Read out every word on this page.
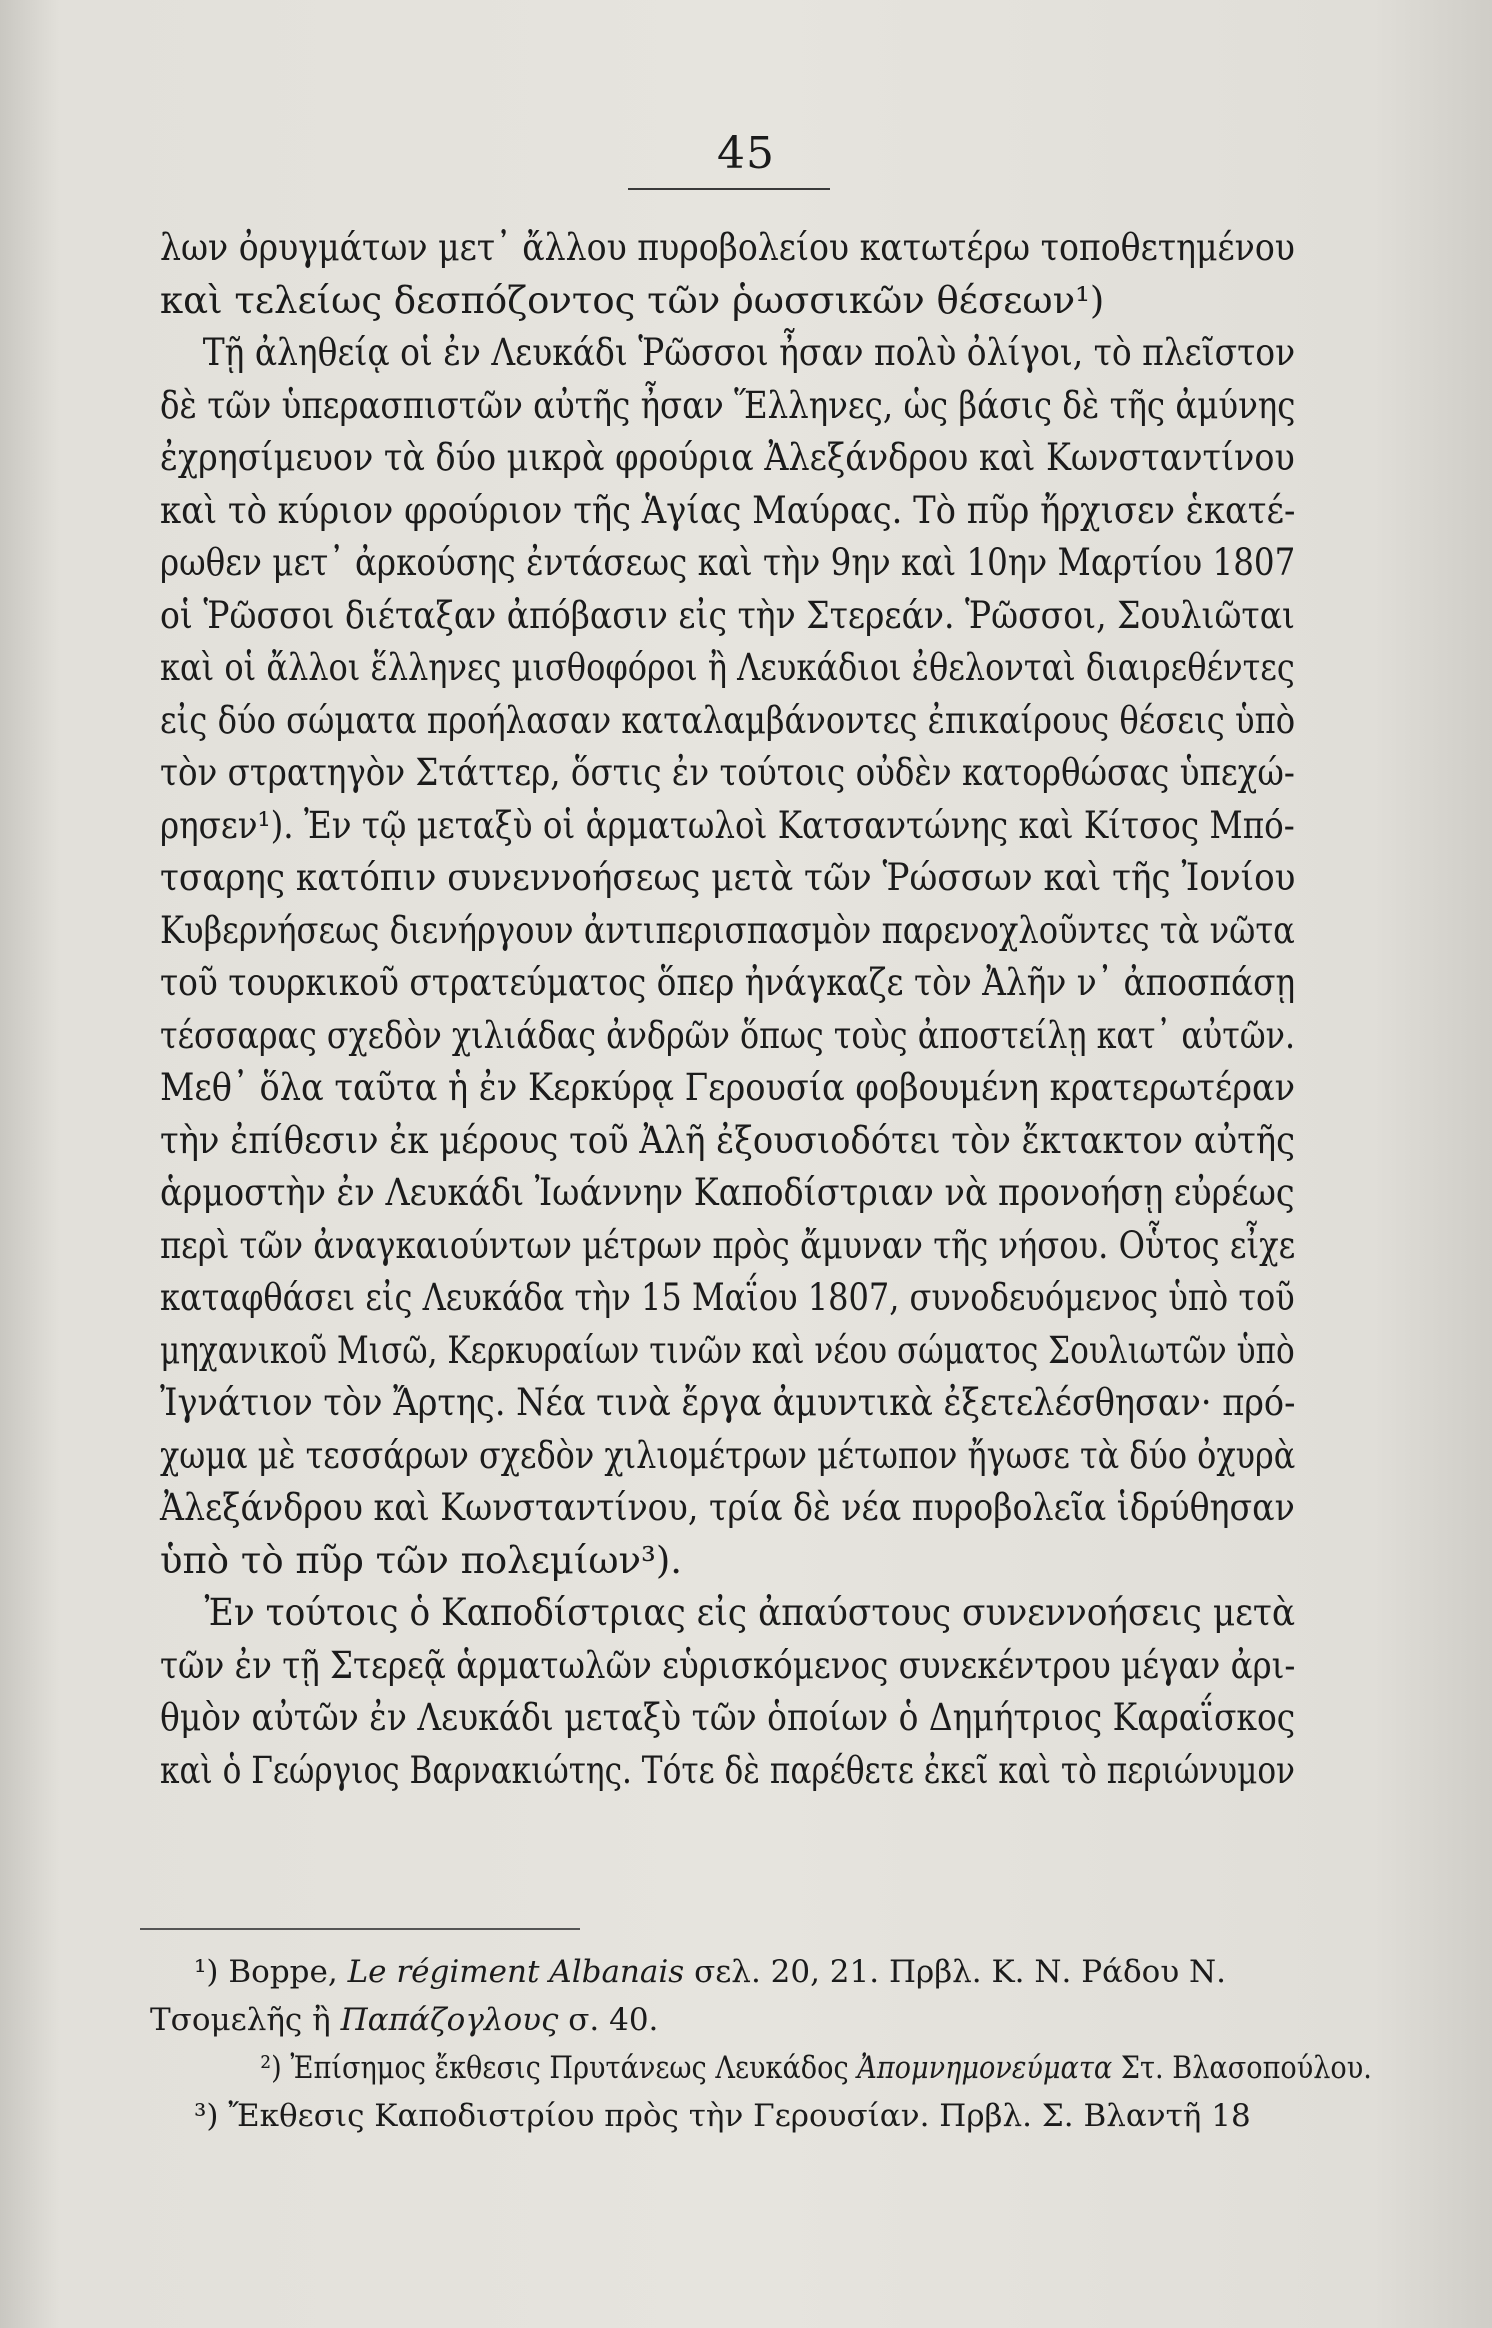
45
λων ὀρυγμάτων μετ᾽ ἄλλου πυροβολείου κατωτέρω τοποθετημένου
καὶ τελείως δεσπόζοντος τῶν ῥωσσικῶν θέσεων¹)
Τῇ ἀληθείᾳ οἱ ἐν Λευκάδι Ῥῶσσοι ἦσαν πολὺ ὀλίγοι, τὸ πλεῖστον
δὲ τῶν ὑπερασπιστῶν αὐτῆς ἦσαν Ἕλληνες, ὡς βάσις δὲ τῆς ἀμύνης
ἐχρησίμευον τὰ δύο μικρὰ φρούρια Ἀλεξάνδρου καὶ Κωνσταντίνου
καὶ τὸ κύριον φρούριον τῆς Ἁγίας Μαύρας. Τὸ πῦρ ἤρχισεν ἑκατέ-
ρωθεν μετ᾽ ἀρκούσης ἐντάσεως καὶ τὴν 9ην καὶ 10ην Μαρτίου 1807
οἱ Ῥῶσσοι διέταξαν ἀπόβασιν εἰς τὴν Στερεάν. Ῥῶσσοι, Σουλιῶται
καὶ οἱ ἄλλοι ἕλληνες μισθοφόροι ἢ Λευκάδιοι ἐθελονταὶ διαιρεθέντες
εἰς δύο σώματα προήλασαν καταλαμβάνοντες ἐπικαίρους θέσεις ὑπὸ
τὸν στρατηγὸν Στάττερ, ὅστις ἐν τούτοις οὐδὲν κατορθώσας ὑπεχώ-
ρησεν¹). Ἐν τῷ μεταξὺ οἱ ἁρματωλοὶ Κατσαντώνης καὶ Κίτσος Μπό-
τσαρης κατόπιν συνεννοήσεως μετὰ τῶν Ῥώσσων καὶ τῆς Ἰονίου
Κυβερνήσεως διενήργουν ἀντιπερισπασμὸν παρενοχλοῦντες τὰ νῶτα
τοῦ τουρκικοῦ στρατεύματος ὅπερ ἠνάγκαζε τὸν Ἀλῆν ν᾽ ἀποσπάσῃ
τέσσαρας σχεδὸν χιλιάδας ἀνδρῶν ὅπως τοὺς ἀποστείλῃ κατ᾽ αὐτῶν.
Μεθ᾽ ὅλα ταῦτα ἡ ἐν Κερκύρᾳ Γερουσία φοβουμένη κρατερωτέραν
τὴν ἐπίθεσιν ἐκ μέρους τοῦ Ἀλῆ ἐξουσιοδότει τὸν ἔκτακτον αὐτῆς
ἁρμοστὴν ἐν Λευκάδι Ἰωάννην Καποδίστριαν νὰ προνοήσῃ εὐρέως
περὶ τῶν ἀναγκαιούντων μέτρων πρὸς ἄμυναν τῆς νήσου. Οὗτος εἶχε
καταφθάσει εἰς Λευκάδα τὴν 15 Μαΐου 1807, συνοδευόμενος ὑπὸ τοῦ
μηχανικοῦ Μισῶ, Κερκυραίων τινῶν καὶ νέου σώματος Σουλιωτῶν ὑπὸ
Ἰγνάτιον τὸν Ἄρτης. Νέα τινὰ ἔργα ἀμυντικὰ ἐξετελέσθησαν· πρό-
χωμα μὲ τεσσάρων σχεδὸν χιλιομέτρων μέτωπον ἤγωσε τὰ δύο ὀχυρὰ
Ἀλεξάνδρου καὶ Κωνσταντίνου, τρία δὲ νέα πυροβολεῖα ἱδρύθησαν
ὑπὸ τὸ πῦρ τῶν πολεμίων³).
Ἐν τούτοις ὁ Καποδίστριας εἰς ἀπαύστους συνεννοήσεις μετὰ
τῶν ἐν τῇ Στερεᾷ ἁρματωλῶν εὑρισκόμενος συνεκέντρου μέγαν ἀρι-
θμὸν αὐτῶν ἐν Λευκάδι μεταξὺ τῶν ὁποίων ὁ Δημήτριος Καραΐσκος
καὶ ὁ Γεώργιος Βαρνακιώτης. Τότε δὲ παρέθετε ἐκεῖ καὶ τὸ περιώνυμον
¹) Boppe, Le régiment Albanais σελ. 20, 21. Πρβλ. Κ. Ν. Ράδου Ν.
Τσομελῆς ἢ Παπάζογλους σ. 40.
²) Ἐπίσημος ἔκθεσις Πρυτάνεως Λευκάδος Ἀπομνημονεύματα Στ. Βλασοπούλου.
³) Ἔκθεσις Καποδιστρίου πρὸς τὴν Γερουσίαν. Πρβλ. Σ. Βλαντῆ 18
